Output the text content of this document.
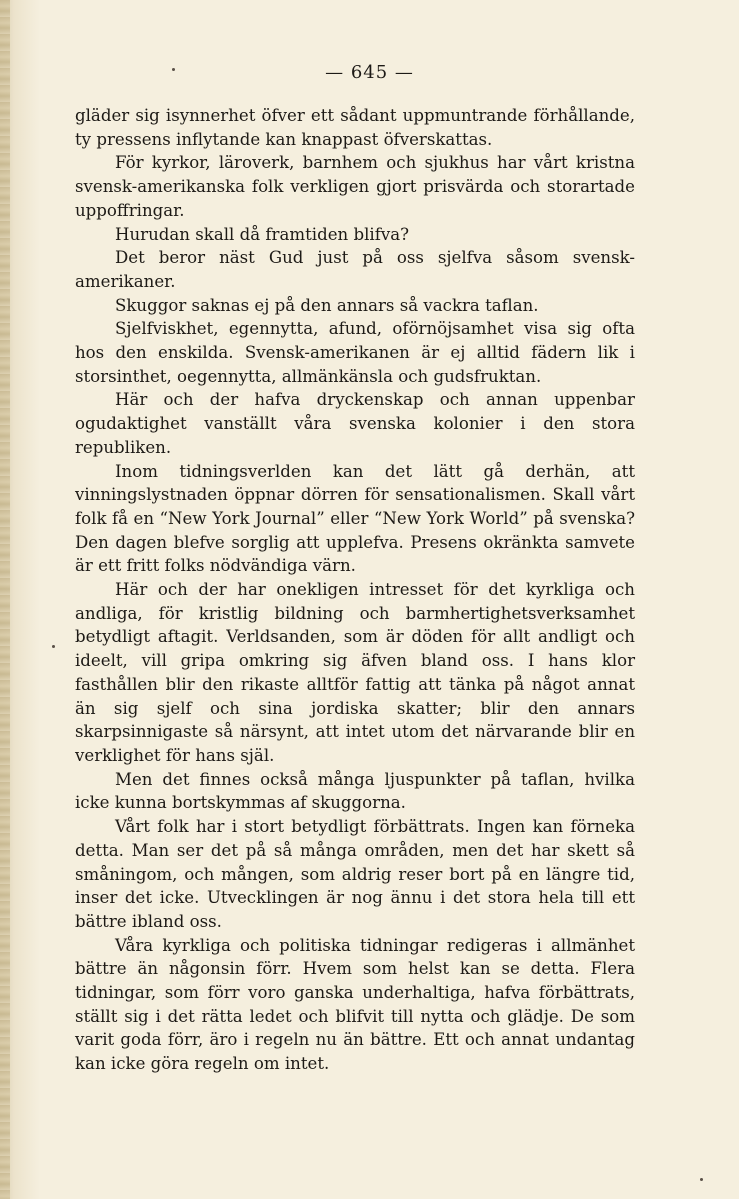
— 645 —

gläder sig isynnerhet öfver ett sådant uppmuntrande förhållande, ty pressens inflytande kan knappast öfverskattas.

För kyrkor, läroverk, barnhem och sjukhus har vårt kristna svensk-amerikanska folk verkligen gjort prisvärda och storartade uppoffringar.

Hurudan skall då framtiden blifva?

Det beror näst Gud just på oss sjelfva såsom svensk-amerikaner.

Skuggor saknas ej på den annars så vackra taflan.

Sjelfviskhet, egennytta, afund, oförnöjsamhet visa sig ofta hos den enskilda. Svensk-amerikanen är ej alltid fädern lik i storsinthet, oegennytta, allmänkänsla och gudsfruktan.

Här och der hafva dryckenskap och annan uppenbar ogudaktighet vanställt våra svenska kolonier i den stora republiken.

Inom tidningsverlden kan det lätt gå derhän, att vinningslystnaden öppnar dörren för sensationalismen. Skall vårt folk få en “New York Journal” eller “New York World” på svenska? Den dagen blefve sorglig att upplefva. Presens okränkta samvete är ett fritt folks nödvändiga värn.

Här och der har onekligen intresset för det kyrkliga och andliga, för kristlig bildning och barmhertighetsverksamhet betydligt aftagit. Verldsanden, som är döden för allt andligt och ideelt, vill gripa omkring sig äfven bland oss. I hans klor fasthållen blir den rikaste alltför fattig att tänka på något annat än sig sjelf och sina jordiska skatter; blir den annars skarpsinnigaste så närsynt, att intet utom det närvarande blir en verklighet för hans själ.

Men det finnes också många ljuspunkter på taflan, hvilka icke kunna bortskymmas af skuggorna.

Vårt folk har i stort betydligt förbättrats. Ingen kan förneka detta. Man ser det på så många områden, men det har skett så småningom, och mången, som aldrig reser bort på en längre tid, inser det icke. Utvecklingen är nog ännu i det stora hela till ett bättre ibland oss.

Våra kyrkliga och politiska tidningar redigeras i allmänhet bättre än någonsin förr. Hvem som helst kan se detta. Flera tidningar, som förr voro ganska underhaltiga, hafva förbättrats, ställt sig i det rätta ledet och blifvit till nytta och glädje. De som varit goda förr, äro i regeln nu än bättre. Ett och annat undantag kan icke göra regeln om intet.
